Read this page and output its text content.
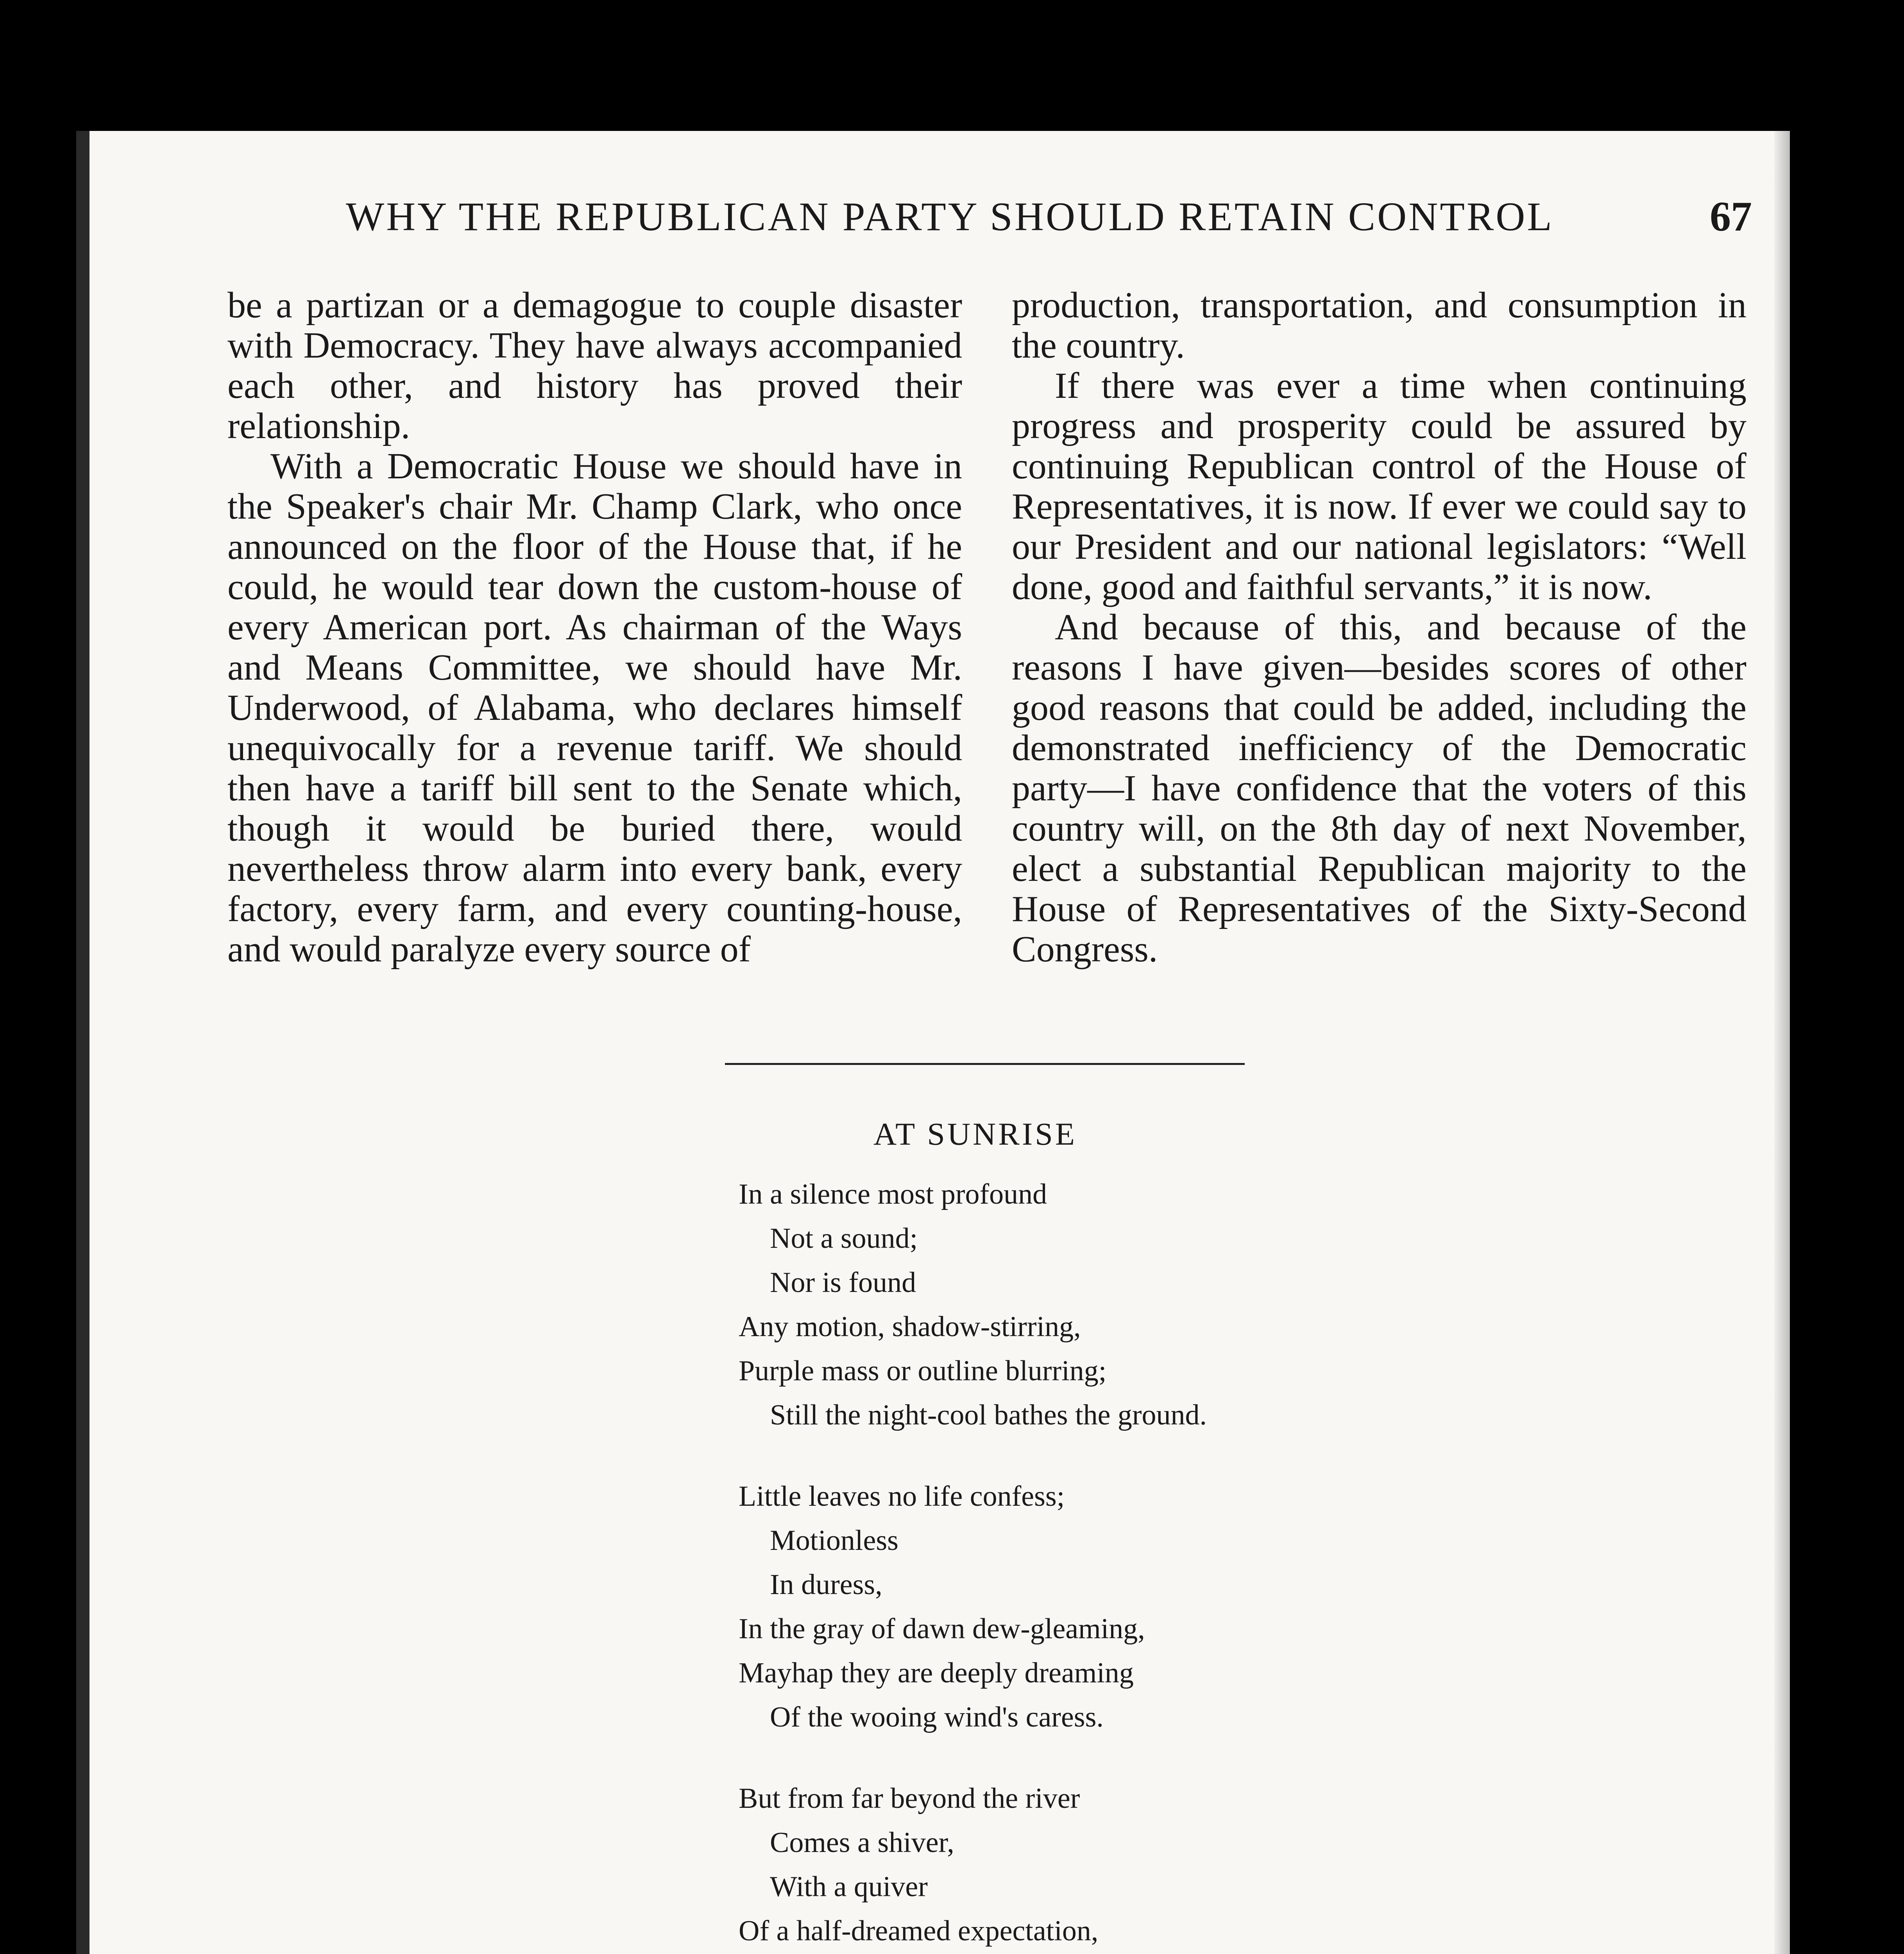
WHY THE REPUBLICAN PARTY SHOULD RETAIN CONTROL	67

be a partizan or a demagogue to couple disaster with Democracy. They have always accompanied each other, and history has proved their relationship.

With a Democratic House we should have in the Speaker's chair Mr. Champ Clark, who once announced on the floor of the House that, if he could, he would tear down the custom-house of every American port. As chairman of the Ways and Means Committee, we should have Mr. Underwood, of Alabama, who declares himself unequivocally for a revenue tariff. We should then have a tariff bill sent to the Senate which, though it would be buried there, would nevertheless throw alarm into every bank, every factory, every farm, and every counting-house, and would paralyze every source of

production, transportation, and consumption in the country.

If there was ever a time when continuing progress and prosperity could be assured by continuing Republican control of the House of Representatives, it is now. If ever we could say to our President and our national legislators: “Well done, good and faithful servants,” it is now.

And because of this, and because of the reasons I have given—besides scores of other good reasons that could be added, including the demonstrated inefficiency of the Democratic party—I have confidence that the voters of this country will, on the 8th day of next November, elect a substantial Republican majority to the House of Representatives of the Sixty-Second Congress.

AT SUNRISE
In a silence most profound
Not a sound;
Nor is found
Any motion, shadow-stirring,
Purple mass or outline blurring;
Still the night-cool bathes the ground.
Little leaves no life confess;
Motionless
In duress,
In the gray of dawn dew-gleaming,
Mayhap they are deeply dreaming
Of the wooing wind's caress.
But from far beyond the river
Comes a shiver,
With a quiver
Of a half-dreamed expectation,
